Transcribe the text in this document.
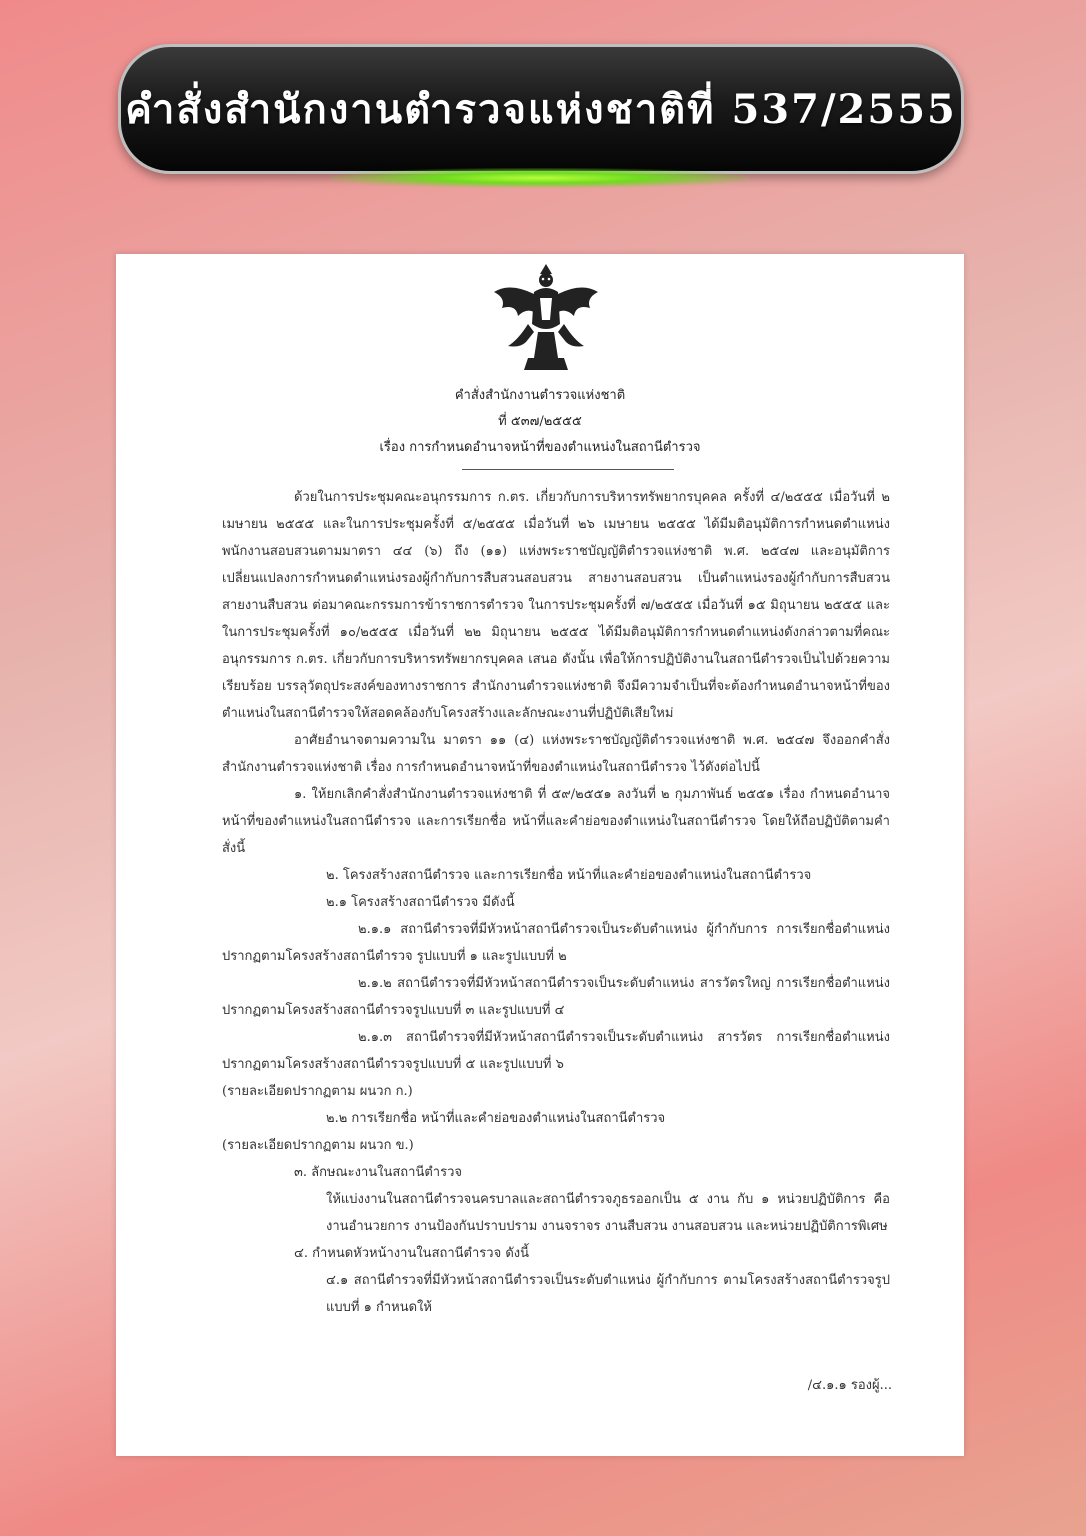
คำสั่งสำนักงานตำรวจแห่งชาติที่ 537/2555
คำสั่งสำนักงานตำรวจแห่งชาติ
ที่ ๕๓๗/๒๕๕๕
เรื่อง การกำหนดอำนาจหน้าที่ของตำแหน่งในสถานีตำรวจ

ด้วยในการประชุมคณะอนุกรรมการ ก.ตร. เกี่ยวกับการบริหารทรัพยากรบุคคล ครั้งที่ ๔/๒๕๕๕ เมื่อวันที่ ๒ เมษายน ๒๕๕๕ และในการประชุมครั้งที่ ๕/๒๕๕๕ เมื่อวันที่ ๒๖ เมษายน ๒๕๕๕ ได้มีมติอนุมัติการกำหนดตำแหน่งพนักงานสอบสวนตามมาตรา ๔๔ (๖) ถึง (๑๑) แห่งพระราชบัญญัติตำรวจแห่งชาติ พ.ศ. ๒๕๔๗ และอนุมัติการเปลี่ยนแปลงการกำหนดตำแหน่งรองผู้กำกับการสืบสวนสอบสวน สายงานสอบสวน เป็นตำแหน่งรองผู้กำกับการสืบสวน สายงานสืบสวน ต่อมาคณะกรรมการข้าราชการตำรวจ ในการประชุมครั้งที่ ๗/๒๕๕๕ เมื่อวันที่ ๑๕ มิถุนายน ๒๕๕๕ และในการประชุมครั้งที่ ๑๐/๒๕๕๕ เมื่อวันที่ ๒๒ มิถุนายน ๒๕๕๕ ได้มีมติอนุมัติการกำหนดตำแหน่งดังกล่าวตามที่คณะอนุกรรมการ ก.ตร. เกี่ยวกับการบริหารทรัพยากรบุคคล เสนอ ดังนั้น เพื่อให้การปฏิบัติงานในสถานีตำรวจเป็นไปด้วยความเรียบร้อย บรรลุวัตถุประสงค์ของทางราชการ สำนักงานตำรวจแห่งชาติ จึงมีความจำเป็นที่จะต้องกำหนดอำนาจหน้าที่ของตำแหน่งในสถานีตำรวจให้สอดคล้องกับโครงสร้างและลักษณะงานที่ปฏิบัติเสียใหม่

อาศัยอำนาจตามความใน มาตรา ๑๑ (๔) แห่งพระราชบัญญัติตำรวจแห่งชาติ พ.ศ. ๒๕๔๗ จึงออกคำสั่งสำนักงานตำรวจแห่งชาติ เรื่อง การกำหนดอำนาจหน้าที่ของตำแหน่งในสถานีตำรวจ ไว้ดังต่อไปนี้

๑. ให้ยกเลิกคำสั่งสำนักงานตำรวจแห่งชาติ ที่ ๕๙/๒๕๕๑ ลงวันที่ ๒ กุมภาพันธ์ ๒๕๕๑ เรื่อง กำหนดอำนาจหน้าที่ของตำแหน่งในสถานีตำรวจ และการเรียกชื่อ หน้าที่และคำย่อของตำแหน่งในสถานีตำรวจ โดยให้ถือปฏิบัติตามคำสั่งนี้

๒. โครงสร้างสถานีตำรวจ และการเรียกชื่อ หน้าที่และคำย่อของตำแหน่งในสถานีตำรวจ

๒.๑ โครงสร้างสถานีตำรวจ มีดังนี้

๒.๑.๑ สถานีตำรวจที่มีหัวหน้าสถานีตำรวจเป็นระดับตำแหน่ง ผู้กำกับการ การเรียกชื่อตำแหน่งปรากฏตามโครงสร้างสถานีตำรวจ รูปแบบที่ ๑ และรูปแบบที่ ๒

๒.๑.๒ สถานีตำรวจที่มีหัวหน้าสถานีตำรวจเป็นระดับตำแหน่ง สารวัตรใหญ่ การเรียกชื่อตำแหน่งปรากฏตามโครงสร้างสถานีตำรวจรูปแบบที่ ๓ และรูปแบบที่ ๔

๒.๑.๓ สถานีตำรวจที่มีหัวหน้าสถานีตำรวจเป็นระดับตำแหน่ง สารวัตร การเรียกชื่อตำแหน่งปรากฏตามโครงสร้างสถานีตำรวจรูปแบบที่ ๕ และรูปแบบที่ ๖

(รายละเอียดปรากฏตาม ผนวก ก.)

๒.๒ การเรียกชื่อ หน้าที่และคำย่อของตำแหน่งในสถานีตำรวจ

(รายละเอียดปรากฏตาม ผนวก ข.)

๓. ลักษณะงานในสถานีตำรวจ

ให้แบ่งงานในสถานีตำรวจนครบาลและสถานีตำรวจภูธรออกเป็น ๕ งาน กับ ๑ หน่วยปฏิบัติการ คือ งานอำนวยการ งานป้องกันปราบปราม งานจราจร งานสืบสวน งานสอบสวน และหน่วยปฏิบัติการพิเศษ

๔. กำหนดหัวหน้างานในสถานีตำรวจ ดังนี้

๔.๑ สถานีตำรวจที่มีหัวหน้าสถานีตำรวจเป็นระดับตำแหน่ง ผู้กำกับการ ตามโครงสร้างสถานีตำรวจรูปแบบที่ ๑ กำหนดให้

/๔.๑.๑ รองผู้...
